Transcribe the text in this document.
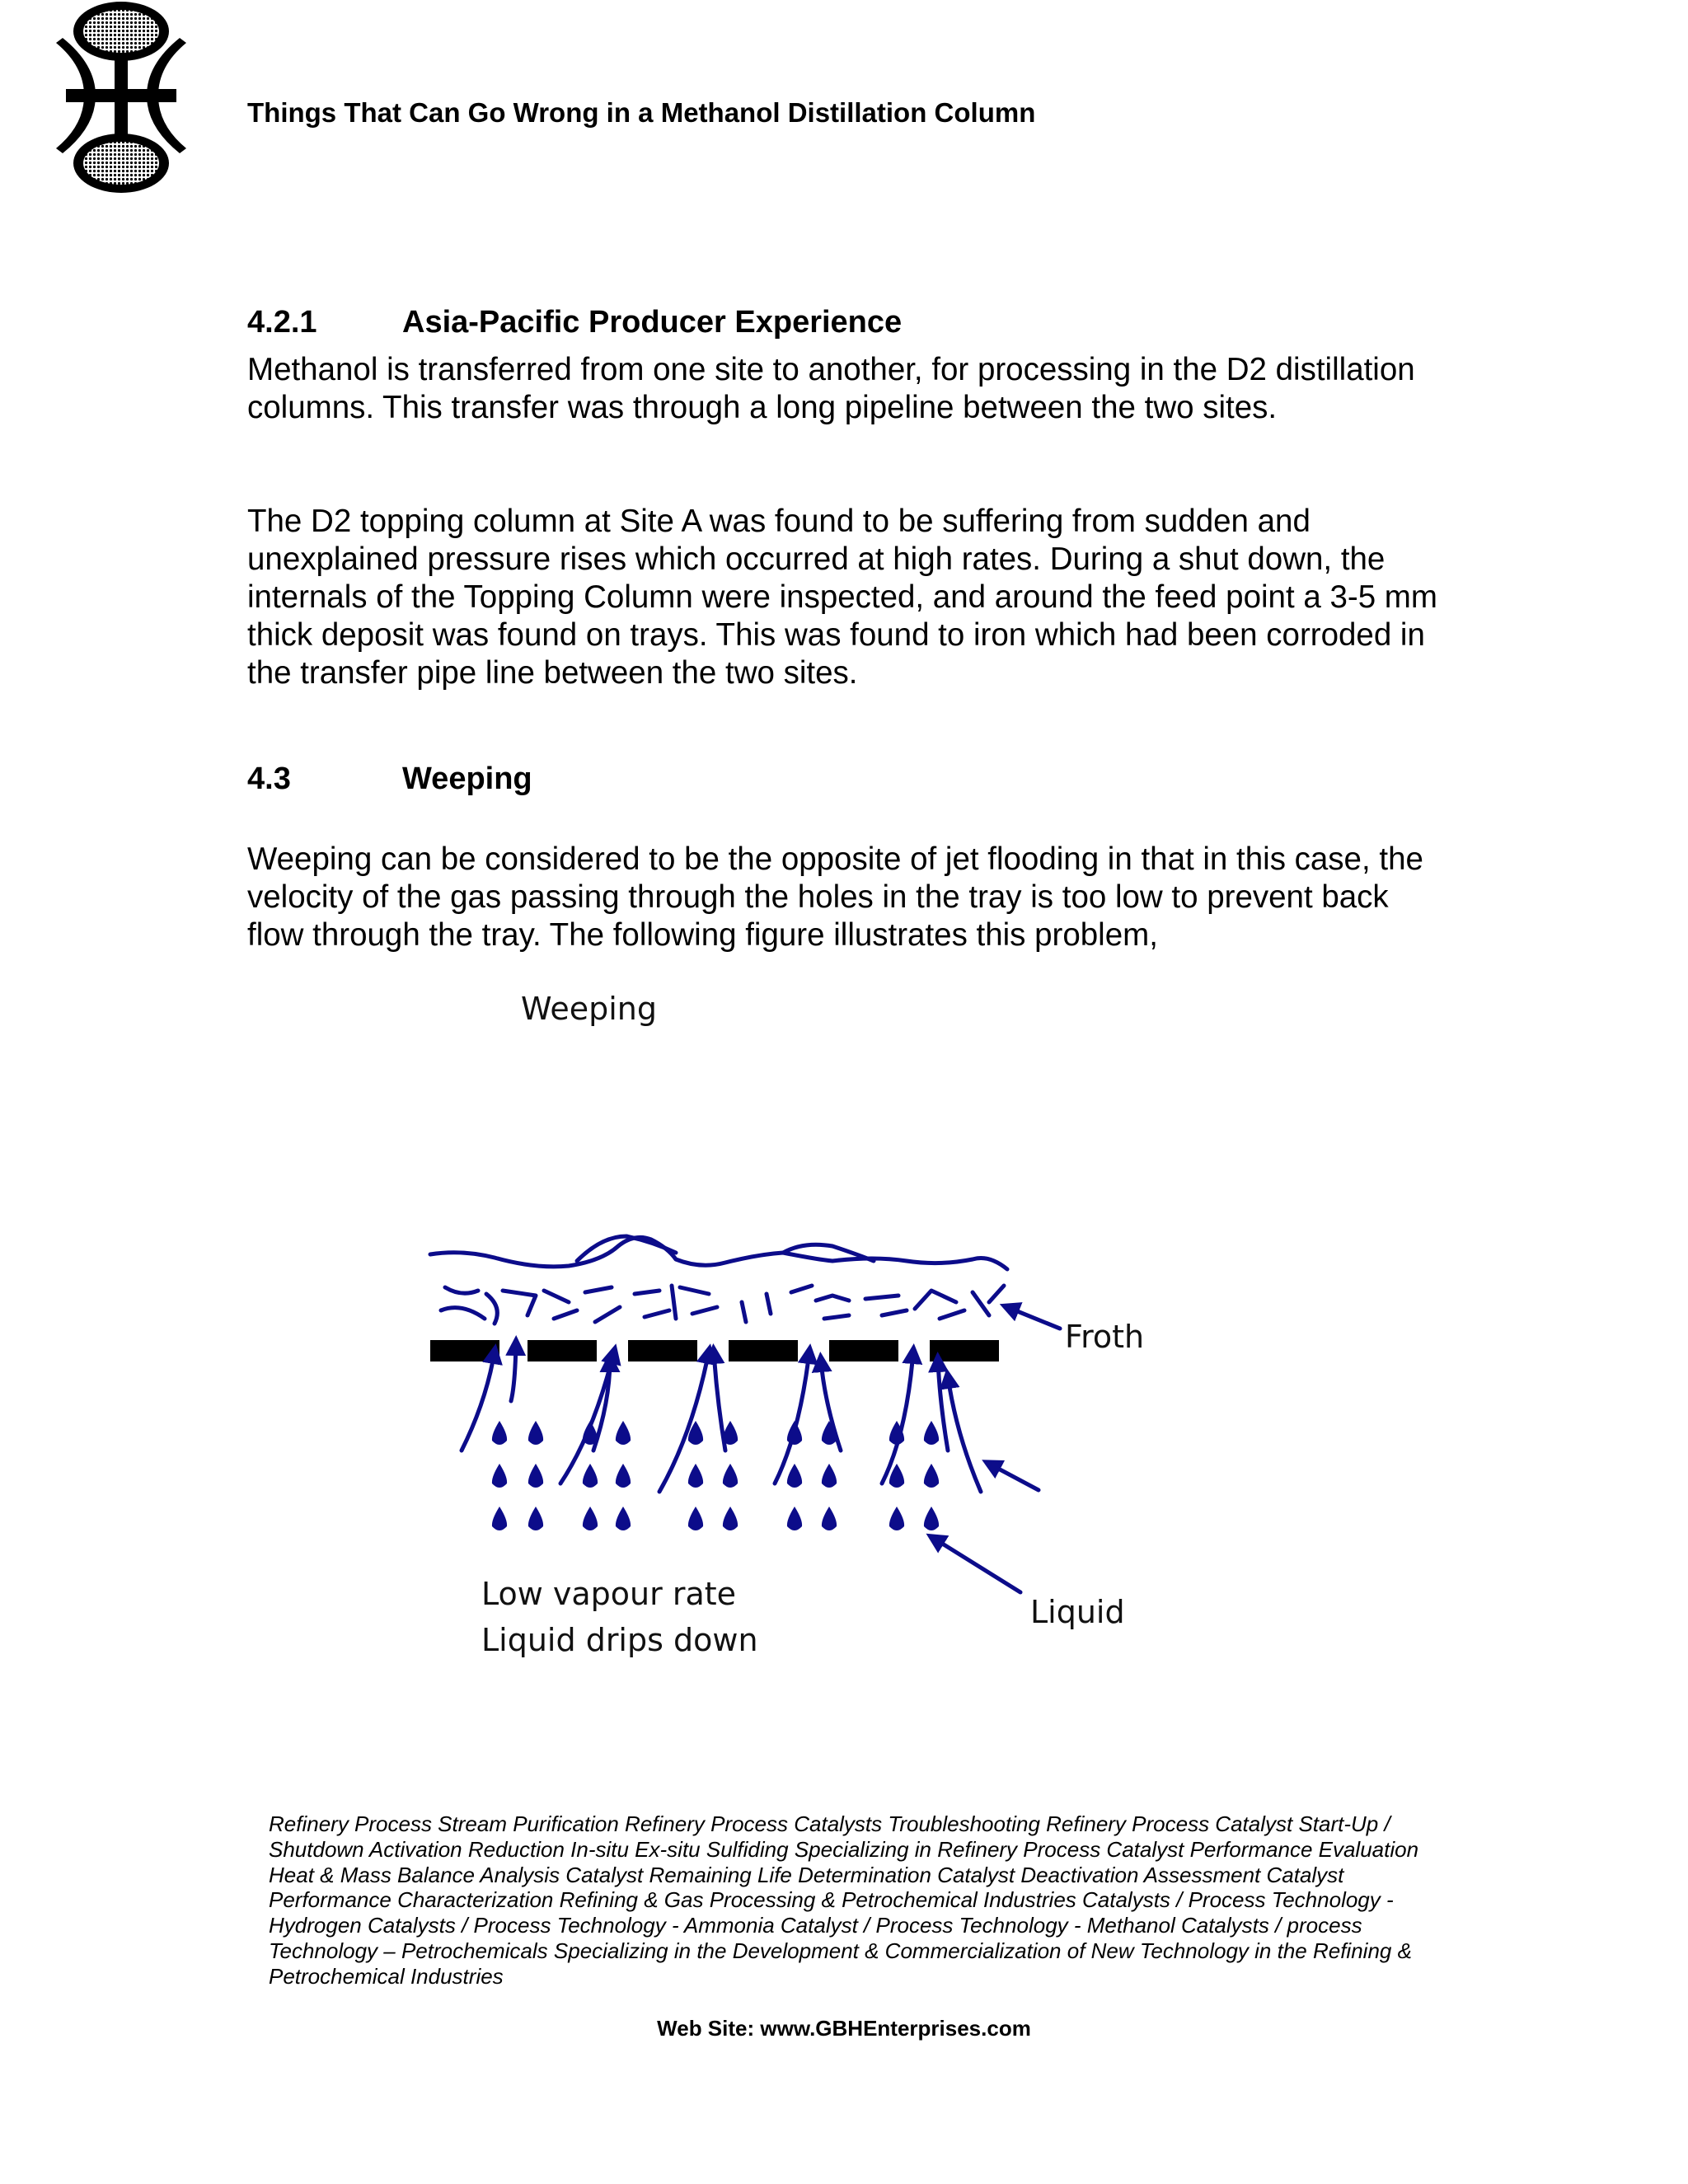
Things That Can Go Wrong in a Methanol Distillation Column
4.2.1	Asia-Pacific Producer Experience

Methanol is transferred from one site to another, for processing in the D2 distillation columns. This transfer was through a long pipeline between the two sites.

The D2 topping column at Site A was found to be suffering from sudden and unexplained pressure rises which occurred at high rates. During a shut down, the internals of the Topping Column were inspected, and around the feed point a 3-5 mm thick deposit was found on trays. This was found to iron which had been corroded in the transfer pipe line between the two sites.

4.3	Weeping

Weeping can be considered to be the opposite of jet flooding in that in this case, the velocity of the gas passing through the holes in the tray is too low to prevent back flow through the tray. The following figure illustrates this problem,

Weeping
Froth
Liquid
Low vapour rate
Liquid drips down

Refinery Process Stream Purification Refinery Process Catalysts Troubleshooting Refinery Process Catalyst Start-Up / Shutdown Activation Reduction In-situ Ex-situ Sulfiding Specializing in Refinery Process Catalyst Performance Evaluation Heat & Mass Balance Analysis Catalyst Remaining Life Determination Catalyst Deactivation Assessment Catalyst Performance Characterization Refining & Gas Processing & Petrochemical Industries Catalysts / Process Technology - Hydrogen Catalysts / Process Technology - Ammonia Catalyst / Process Technology - Methanol Catalysts / process Technology – Petrochemicals Specializing in the Development & Commercialization of New Technology in the Refining & Petrochemical Industries

Web Site: www.GBHEnterprises.com
